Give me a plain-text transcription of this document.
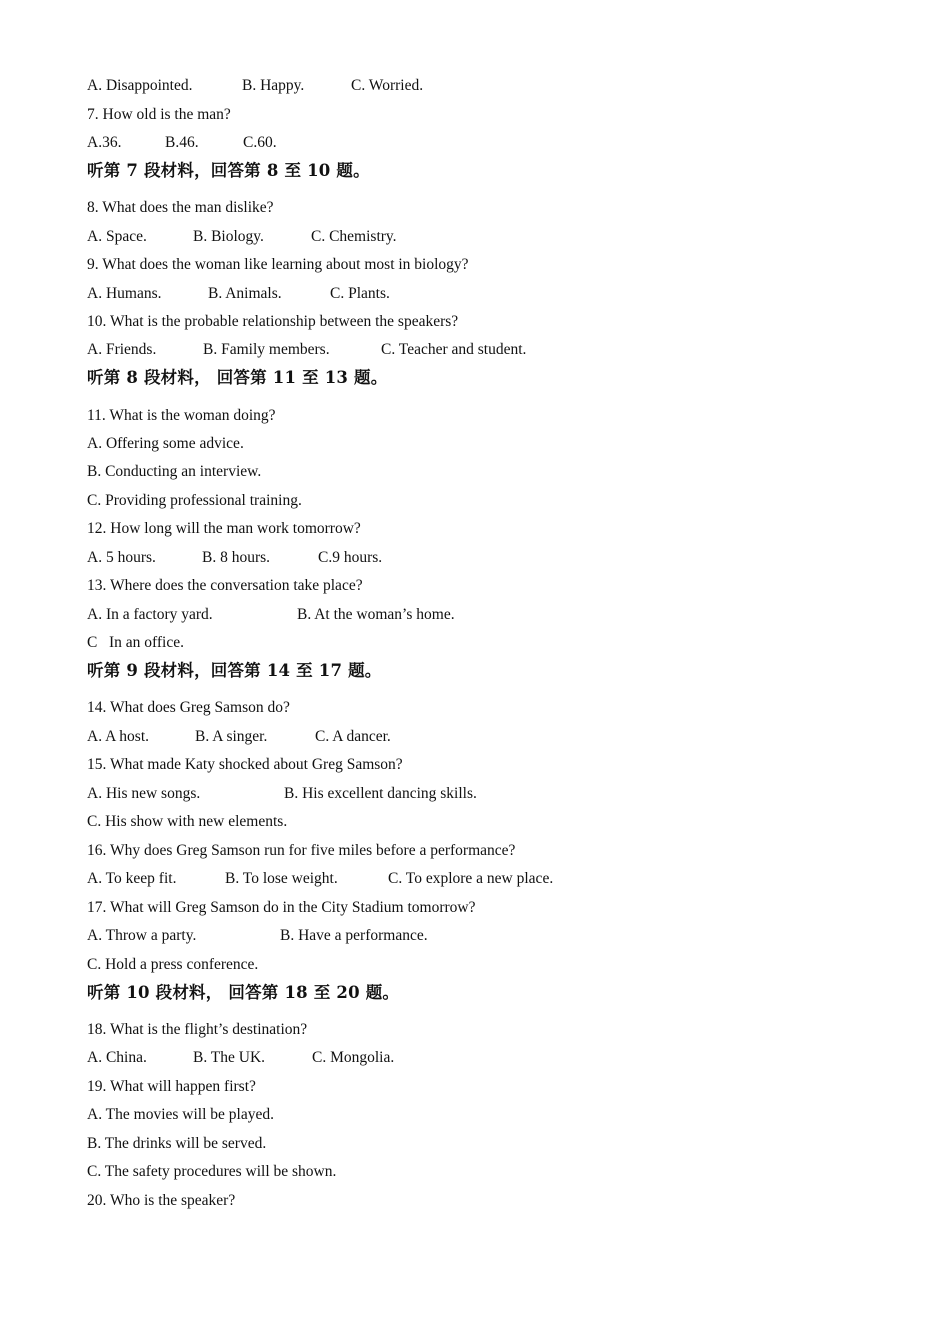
A. Disappointed.	B. Happy.	C. Worried.
7. How old is the man?
A.36.	B.46.	C.60.
听第 7 段材料，回答第 8 至 10 题。
8. What does the man dislike?
A. Space.	B. Biology.	C. Chemistry.
9. What does the woman like learning about most in biology?
A. Humans.	B. Animals.	C. Plants.
10. What is the probable relationship between the speakers?
A. Friends.	B. Family members.	C. Teacher and student.
听第 8 段材料， 回答第 11 至 13 题。
11. What is the woman doing?
A. Offering some advice.
B. Conducting an interview.
C. Providing professional training.
12. How long will the man work tomorrow?
A. 5 hours.	B. 8 hours.	C.9 hours.
13. Where does the conversation take place?
A. In a factory yard.	B. At the woman’s home.
C   In an office.
听第 9 段材料，回答第 14 至 17 题。
14. What does Greg Samson do?
A. A host.	B. A singer.	C. A dancer.
15. What made Katy shocked about Greg Samson?
A. His new songs.	B. His excellent dancing skills.
C. His show with new elements.
16. Why does Greg Samson run for five miles before a performance?
A. To keep fit.	B. To lose weight.	C. To explore a new place.
17. What will Greg Samson do in the City Stadium tomorrow?
A. Throw a party.	B. Have a performance.
C. Hold a press conference.
听第 10 段材料， 回答第 18 至 20 题。
18. What is the flight’s destination?
A. China.	B. The UK.	C. Mongolia.
19. What will happen first?
A. The movies will be played.
B. The drinks will be served.
C. The safety procedures will be shown.
20. Who is the speaker?
